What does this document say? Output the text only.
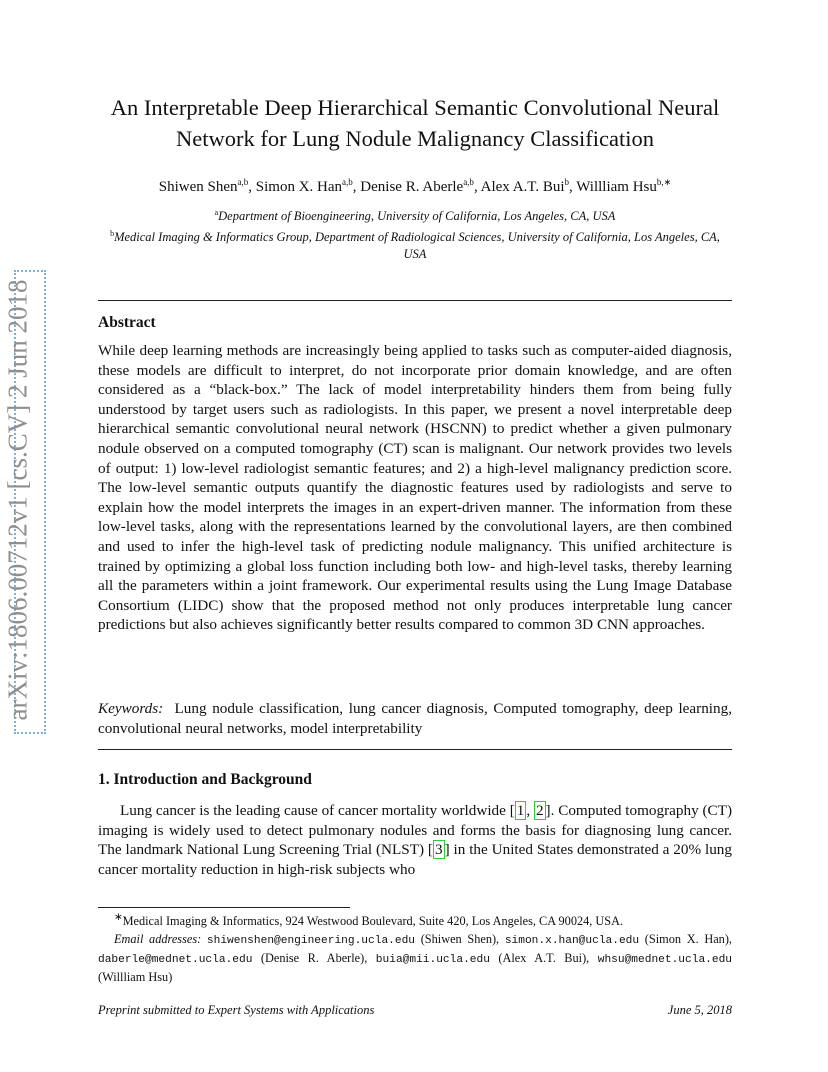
arXiv:1806.00712v1 [cs.CV] 2 Jun 2018
An Interpretable Deep Hierarchical Semantic Convolutional Neural Network for Lung Nodule Malignancy Classification
Shiwen Shen$^{a,b}$, Simon X. Han$^{a,b}$, Denise R. Aberle$^{a,b}$, Alex A.T. Bui$^b$, Willliam Hsu$^{b,∗}$
$^a$Department of Bioengineering, University of California, Los Angeles, CA, USA
$^b$Medical Imaging & Informatics Group, Department of Radiological Sciences, University of California, Los Angeles, CA, USA
Abstract
While deep learning methods are increasingly being applied to tasks such as computer-aided diagnosis, these models are difficult to interpret, do not incorporate prior domain knowledge, and are often considered as a “black-box.” The lack of model interpretability hinders them from being fully understood by target users such as radiologists. In this paper, we present a novel interpretable deep hierarchical semantic convolutional neural network (HSCNN) to predict whether a given pulmonary nodule observed on a computed tomography (CT) scan is malignant. Our network provides two levels of output: 1) low-level radiologist semantic features; and 2) a high-level malignancy prediction score. The low-level semantic outputs quantify the diagnostic features used by radiologists and serve to explain how the model interprets the images in an expert-driven manner. The information from these low-level tasks, along with the representations learned by the convolutional layers, are then combined and used to infer the high-level task of predicting nodule malignancy. This unified architecture is trained by optimizing a global loss function including both low- and high-level tasks, thereby learning all the parameters within a joint framework. Our experimental results using the Lung Image Database Consortium (LIDC) show that the proposed method not only produces interpretable lung cancer predictions but also achieves significantly better results compared to common 3D CNN approaches.
Keywords: Lung nodule classification, lung cancer diagnosis, Computed tomography, deep learning, convolutional neural networks, model interpretability
1. Introduction and Background
Lung cancer is the leading cause of cancer mortality worldwide [ 1 , 2 ]. Computed tomography (CT) imaging is widely used to detect pulmonary nodules and forms the basis for diagnosing lung cancer. The landmark National Lung Screening Trial (NLST) [ 3 ] in the United States demonstrated a 20% lung cancer mortality reduction in high-risk subjects who
∗Medical Imaging & Informatics, 924 Westwood Boulevard, Suite 420, Los Angeles, CA 90024, USA.
Email addresses: shiwenshen@engineering.ucla.edu (Shiwen Shen), simon.x.han@ucla.edu (Simon X. Han), daberle@mednet.ucla.edu (Denise R. Aberle), buia@mii.ucla.edu (Alex A.T. Bui), whsu@mednet.ucla.edu (Willliam Hsu)
Preprint submitted to Expert Systems with Applications	June 5, 2018
